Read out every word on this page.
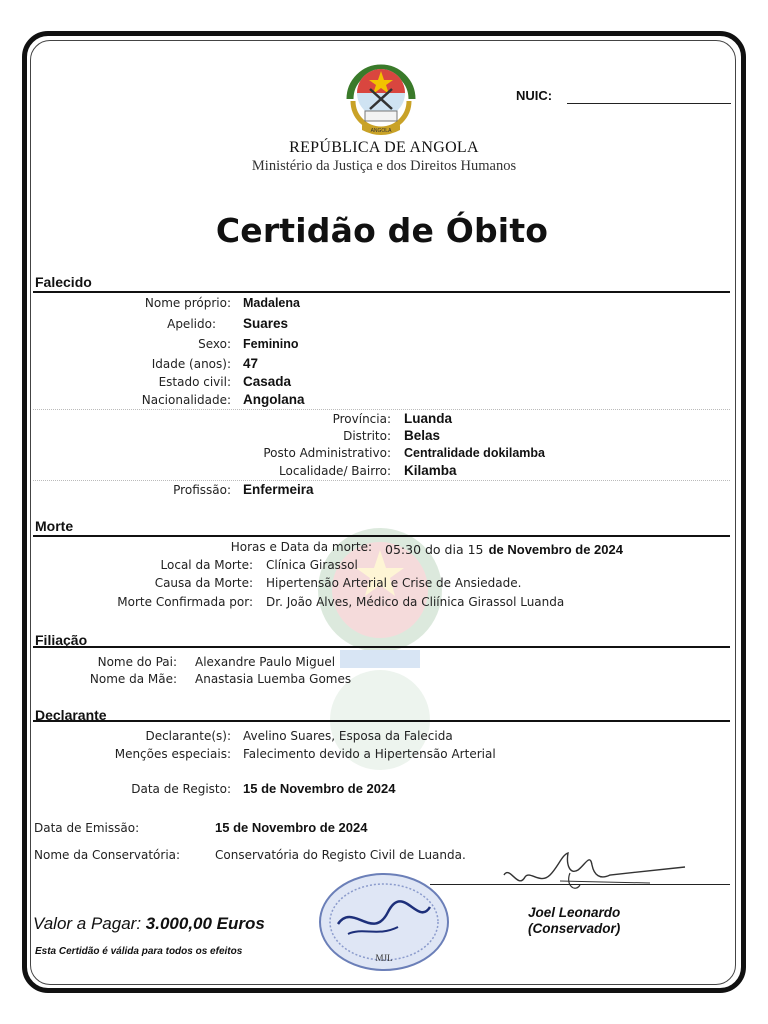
ANGOLA
NUIC:
REPÚBLICA DE ANGOLA
Ministério da Justiça e dos Direitos Humanos
Certidão de Óbito
Falecido
Nome próprio: Madalena
Apelido: Suares
Sexo: Feminino
Idade (anos): 47
Estado civil: Casada
Nacionalidade: Angolana
Província: Luanda
Distrito: Belas
Posto Administrativo: Centralidade dokilamba
Localidade/ Bairro: Kilamba
Profissão: Enfermeira
Morte
Horas e Data da morte: 05:30 do dia 15 de Novembro de 2024
Local da Morte: Clínica Girassol
Causa da Morte: Hipertensão Arterial e Crise de Ansiedade.
Morte Confirmada por: Dr. João Alves, Médico da Cliínica Girassol Luanda
Filiação
Nome do Pai: Alexandre Paulo Miguel
Nome da Mãe: Anastasia Luemba Gomes
Declarante
Declarante(s): Avelino Suares, Esposa da Falecida
Menções especiais: Falecimento devido a Hipertensão Arterial
Data de Registo: 15 de Novembro de 2024
Data de Emissão:	15 de Novembro de 2024
Nome da Conservatória:	Conservatória do Registo Civil de Luanda.
Valor a Pagar: 3.000,00 Euros
Esta Certidão é válida para todos os efeitos
MJL
Joel Leonardo
(Conservador)
